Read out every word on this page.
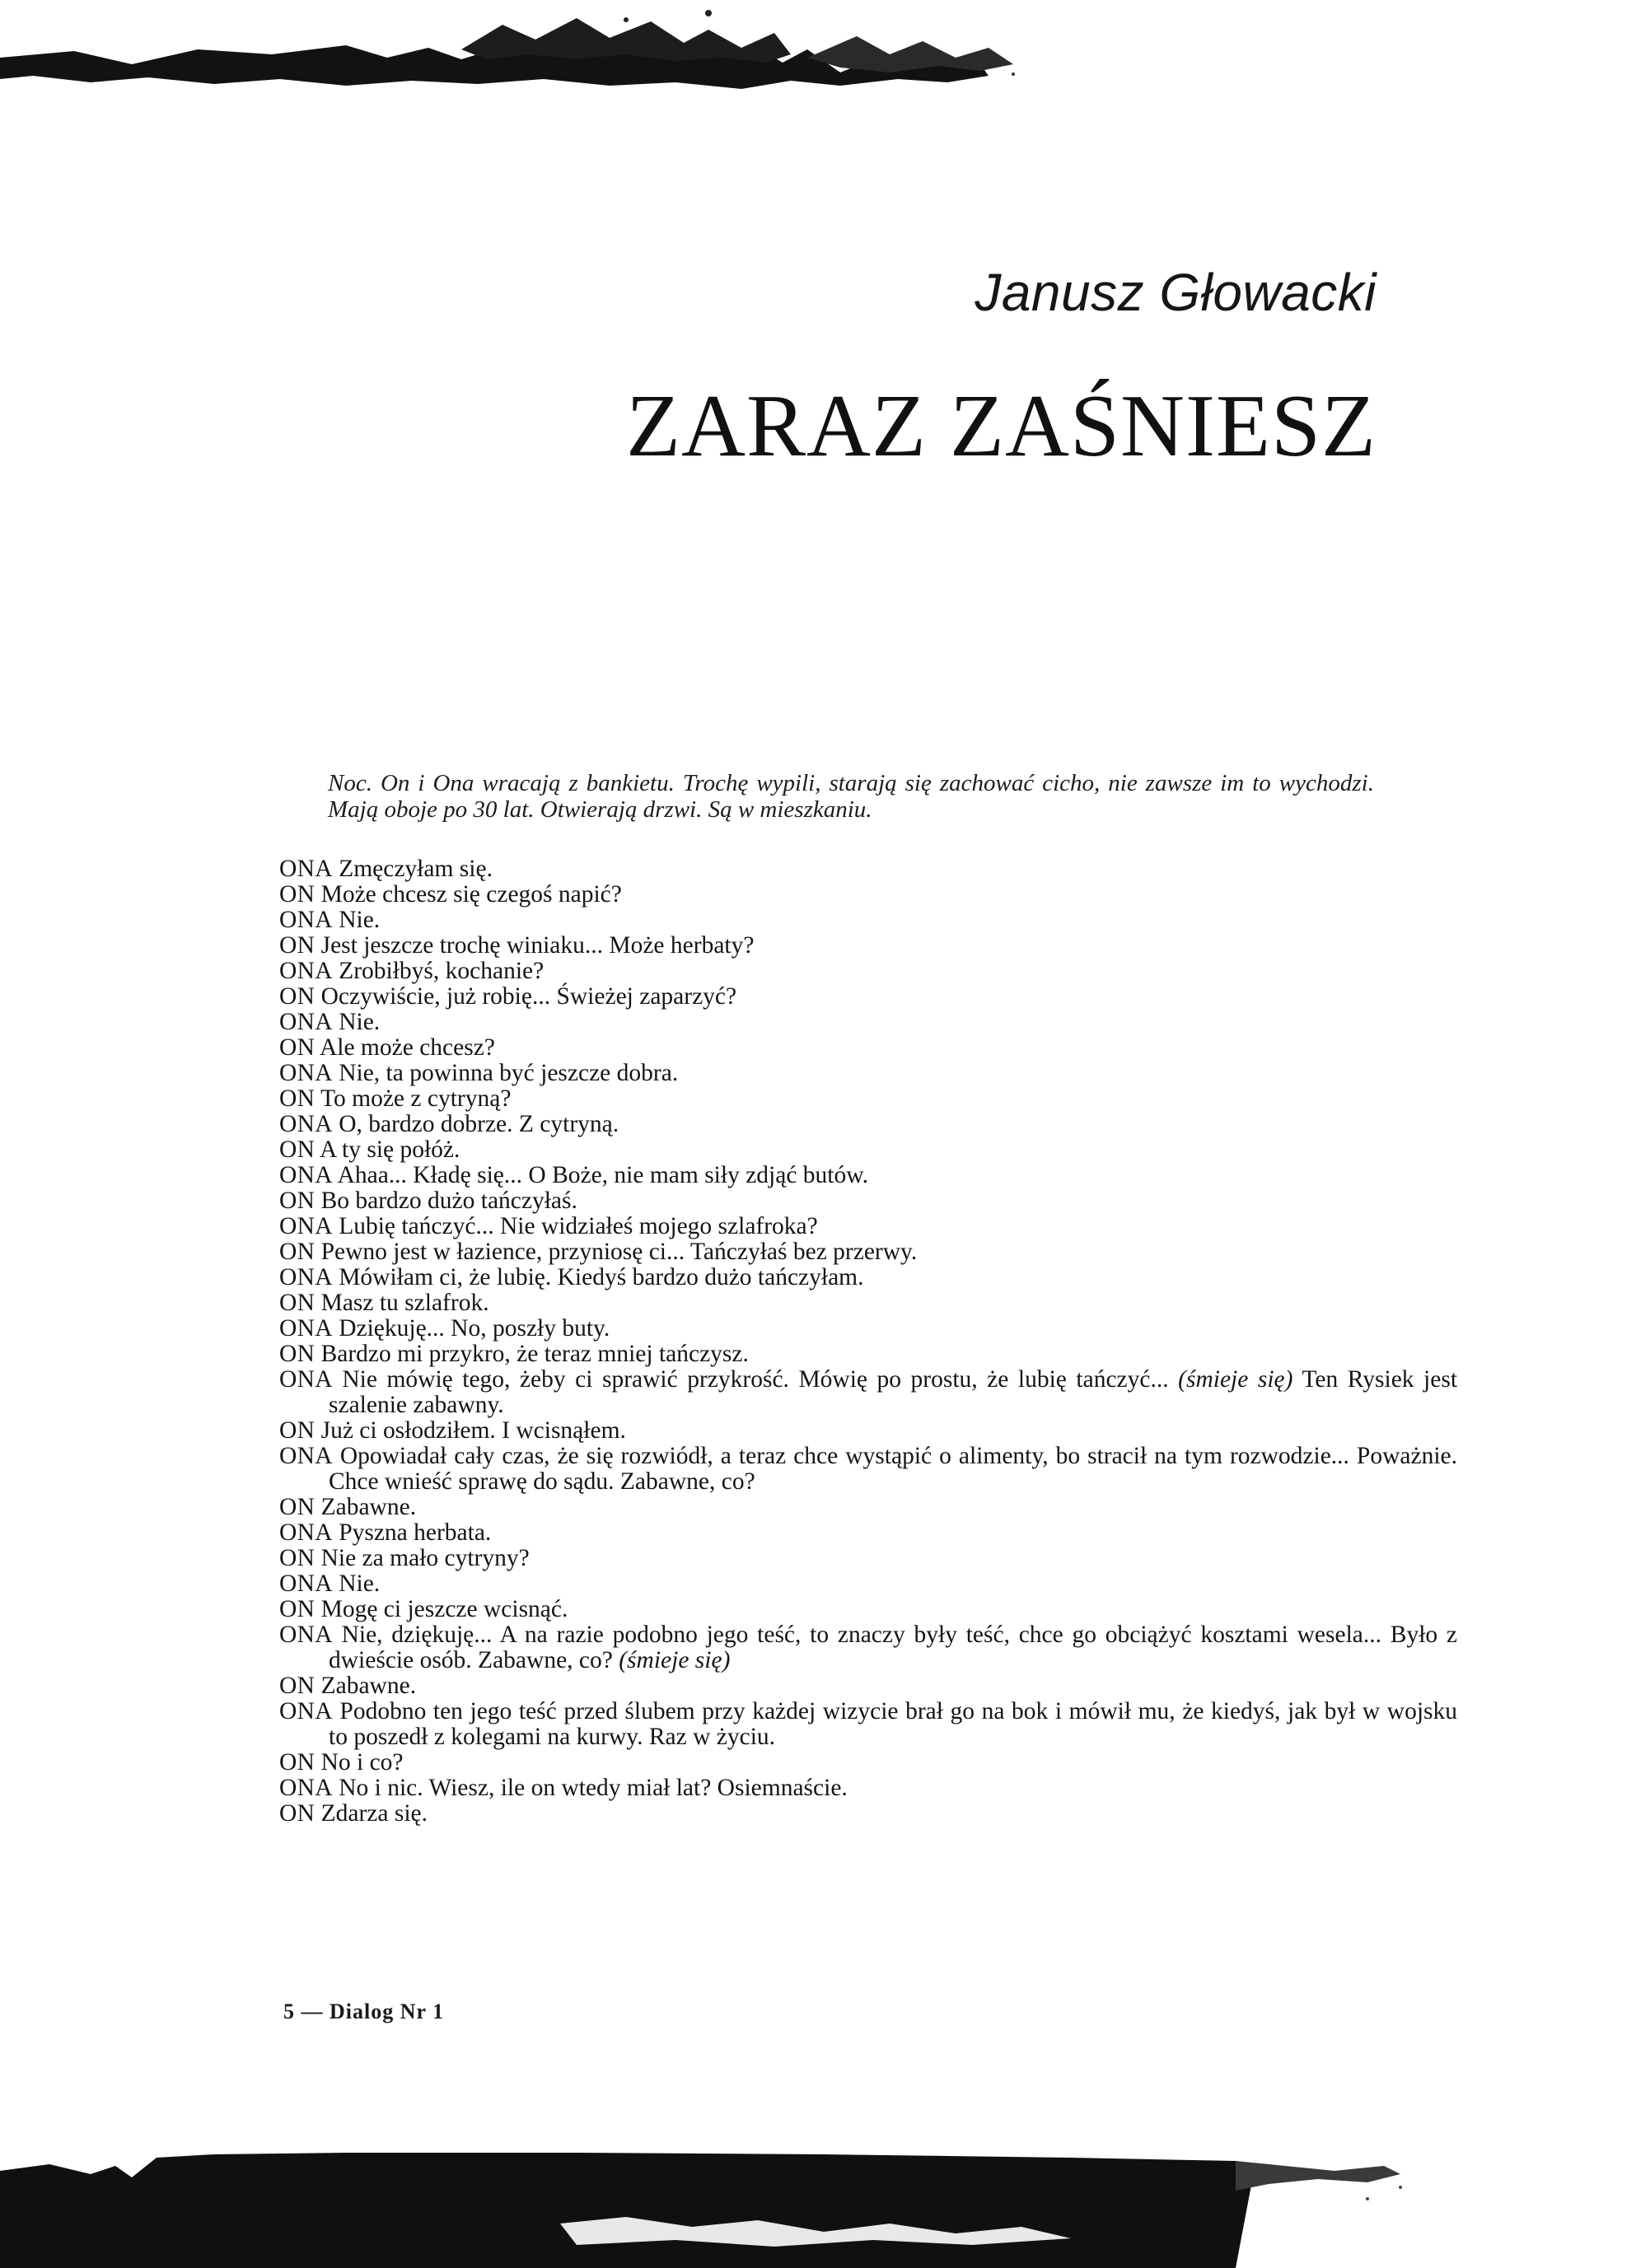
Janusz Głowacki
ZARAZ ZAŚNIESZ

Noc. On i Ona wracają z bankietu. Trochę wypili, starają się zachować cicho, nie zawsze im to wychodzi. Mają oboje po 30 lat. Otwierają drzwi. Są w mieszkaniu.

ONA Zmęczyłam się.

ON Może chcesz się czegoś napić?

ONA Nie.

ON Jest jeszcze trochę winiaku... Może herbaty?

ONA Zrobiłbyś, kochanie?

ON Oczywiście, już robię... Świeżej zaparzyć?

ONA Nie.

ON Ale może chcesz?

ONA Nie, ta powinna być jeszcze dobra.

ON To może z cytryną?

ONA O, bardzo dobrze. Z cytryną.

ON A ty się połóż.

ONA Ahaa... Kładę się... O Boże, nie mam siły zdjąć butów.

ON Bo bardzo dużo tańczyłaś.

ONA Lubię tańczyć... Nie widziałeś mojego szlafroka?

ON Pewno jest w łazience, przyniosę ci... Tańczyłaś bez przerwy.

ONA Mówiłam ci, że lubię. Kiedyś bardzo dużo tańczyłam.

ON Masz tu szlafrok.

ONA Dziękuję... No, poszły buty.

ON Bardzo mi przykro, że teraz mniej tańczysz.

ONA Nie mówię tego, żeby ci sprawić przykrość. Mówię po prostu, że lubię tańczyć... (śmieje się) Ten Rysiek jest szalenie zabawny.

ON Już ci osłodziłem. I wcisnąłem.

ONA Opowiadał cały czas, że się rozwiódł, a teraz chce wystąpić o alimenty, bo stracił na tym rozwodzie... Poważnie. Chce wnieść sprawę do sądu. Zabawne, co?

ON Zabawne.

ONA Pyszna herbata.

ON Nie za mało cytryny?

ONA Nie.

ON Mogę ci jeszcze wcisnąć.

ONA Nie, dziękuję... A na razie podobno jego teść, to znaczy były teść, chce go obciążyć kosztami wesela... Było z dwieście osób. Zabawne, co? (śmieje się)

ON Zabawne.

ONA Podobno ten jego teść przed ślubem przy każdej wizycie brał go na bok i mówił mu, że kiedyś, jak był w wojsku to poszedł z kolegami na kurwy. Raz w życiu.

ON No i co?

ONA No i nic. Wiesz, ile on wtedy miał lat? Osiemnaście.

ON Zdarza się.

5 — Dialog Nr 1
